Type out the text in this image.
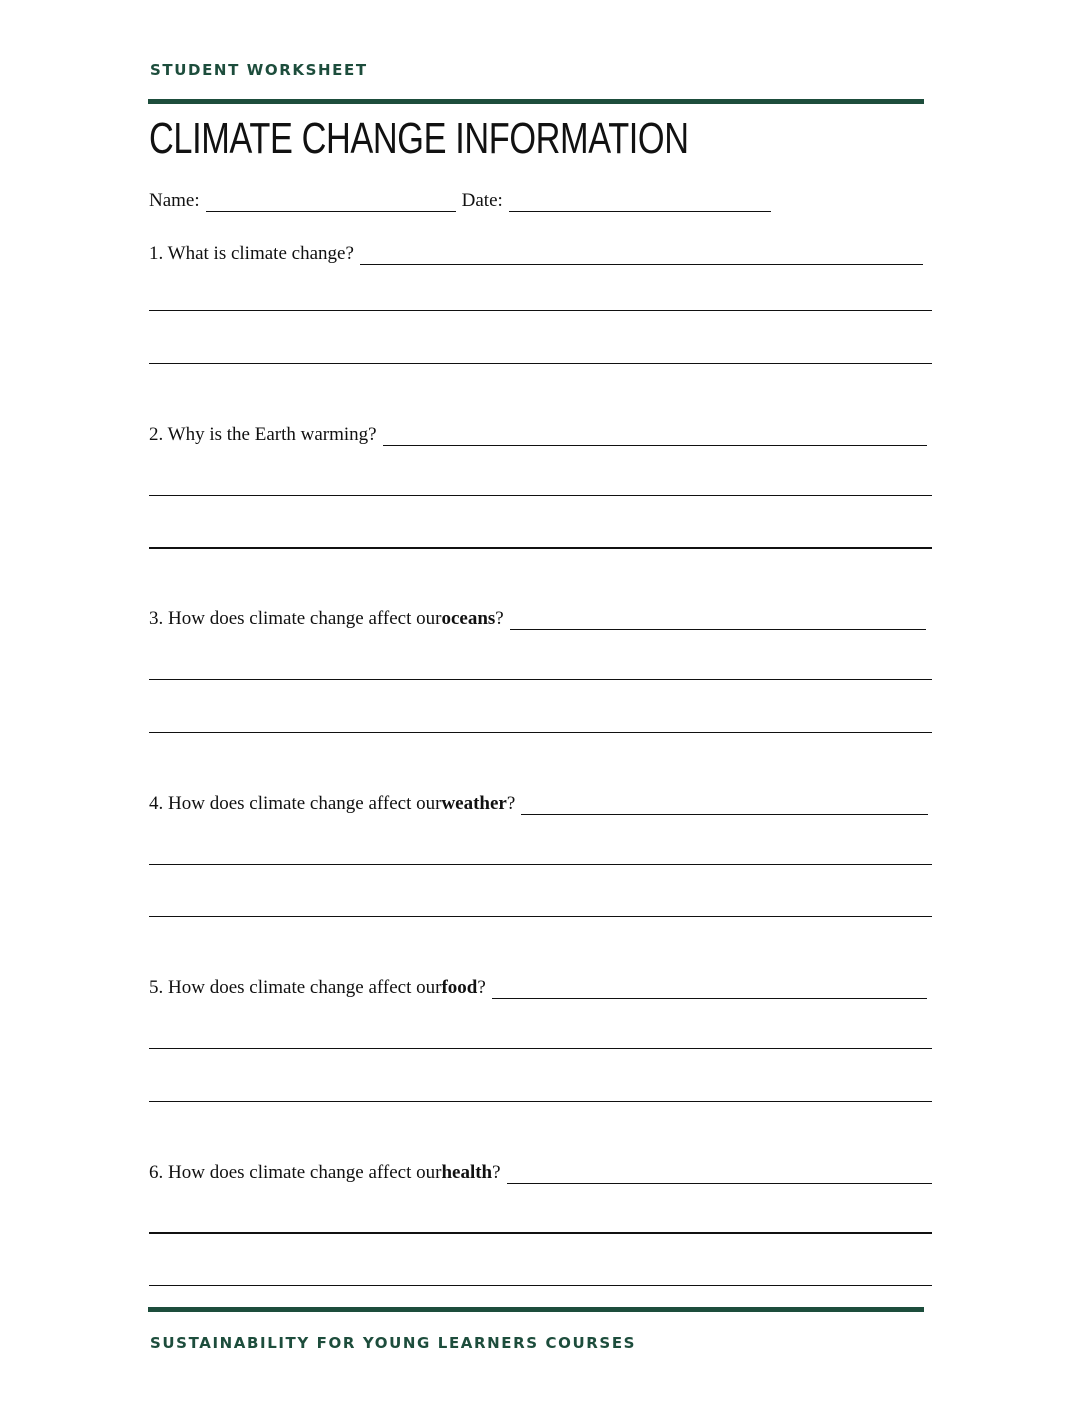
STUDENT WORKSHEET
CLIMATE CHANGE INFORMATION
Name:	Date:
1. What is climate change?
2. Why is the Earth warming?
3. How does climate change affect our oceans ?
4. How does climate change affect our weather ?
5. How does climate change affect our food ?
6. How does climate change affect our health ?
SUSTAINABILITY FOR YOUNG LEARNERS COURSES
